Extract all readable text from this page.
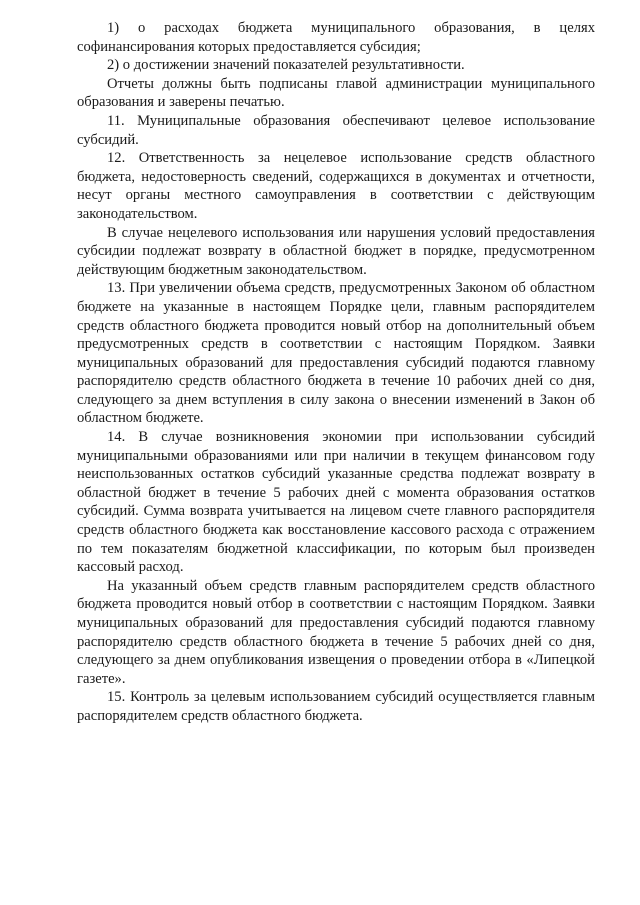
1) о расходах бюджета муниципального образования, в целях софинансирования которых предоставляется субсидия;

2) о достижении значений показателей результативности.

Отчеты должны быть подписаны главой администрации муниципального образования и заверены печатью.

11. Муниципальные образования обеспечивают целевое использование субсидий.

12. Ответственность за нецелевое использование средств областного бюджета, недостоверность сведений, содержащихся в документах и отчетности, несут органы местного самоуправления в соответствии с действующим законодательством.

В случае нецелевого использования или нарушения условий предоставления субсидии подлежат возврату в областной бюджет в порядке, предусмотренном действующим бюджетным законодательством.

13. При увеличении объема средств, предусмотренных Законом об областном бюджете на указанные в настоящем Порядке цели, главным распорядителем средств областного бюджета проводится новый отбор на дополнительный объем предусмотренных средств в соответствии с настоящим Порядком. Заявки муниципальных образований для предоставления субсидий подаются главному распорядителю средств областного бюджета в течение 10 рабочих дней со дня, следующего за днем вступления в силу закона о внесении изменений в Закон об областном бюджете.

14. В случае возникновения экономии при использовании субсидий муниципальными образованиями или при наличии в текущем финансовом году неиспользованных остатков субсидий указанные средства подлежат возврату в областной бюджет в течение 5 рабочих дней с момента образования остатков субсидий. Сумма возврата учитывается на лицевом счете главного распорядителя средств областного бюджета как восстановление кассового расхода с отражением по тем показателям бюджетной классификации, по которым был произведен кассовый расход.

На указанный объем средств главным распорядителем средств областного бюджета проводится новый отбор в соответствии с настоящим Порядком. Заявки муниципальных образований для предоставления субсидий подаются главному распорядителю средств областного бюджета в течение 5 рабочих дней со дня, следующего за днем опубликования извещения о проведении отбора в «Липецкой газете».

15. Контроль за целевым использованием субсидий осуществляется главным распорядителем средств областного бюджета.
